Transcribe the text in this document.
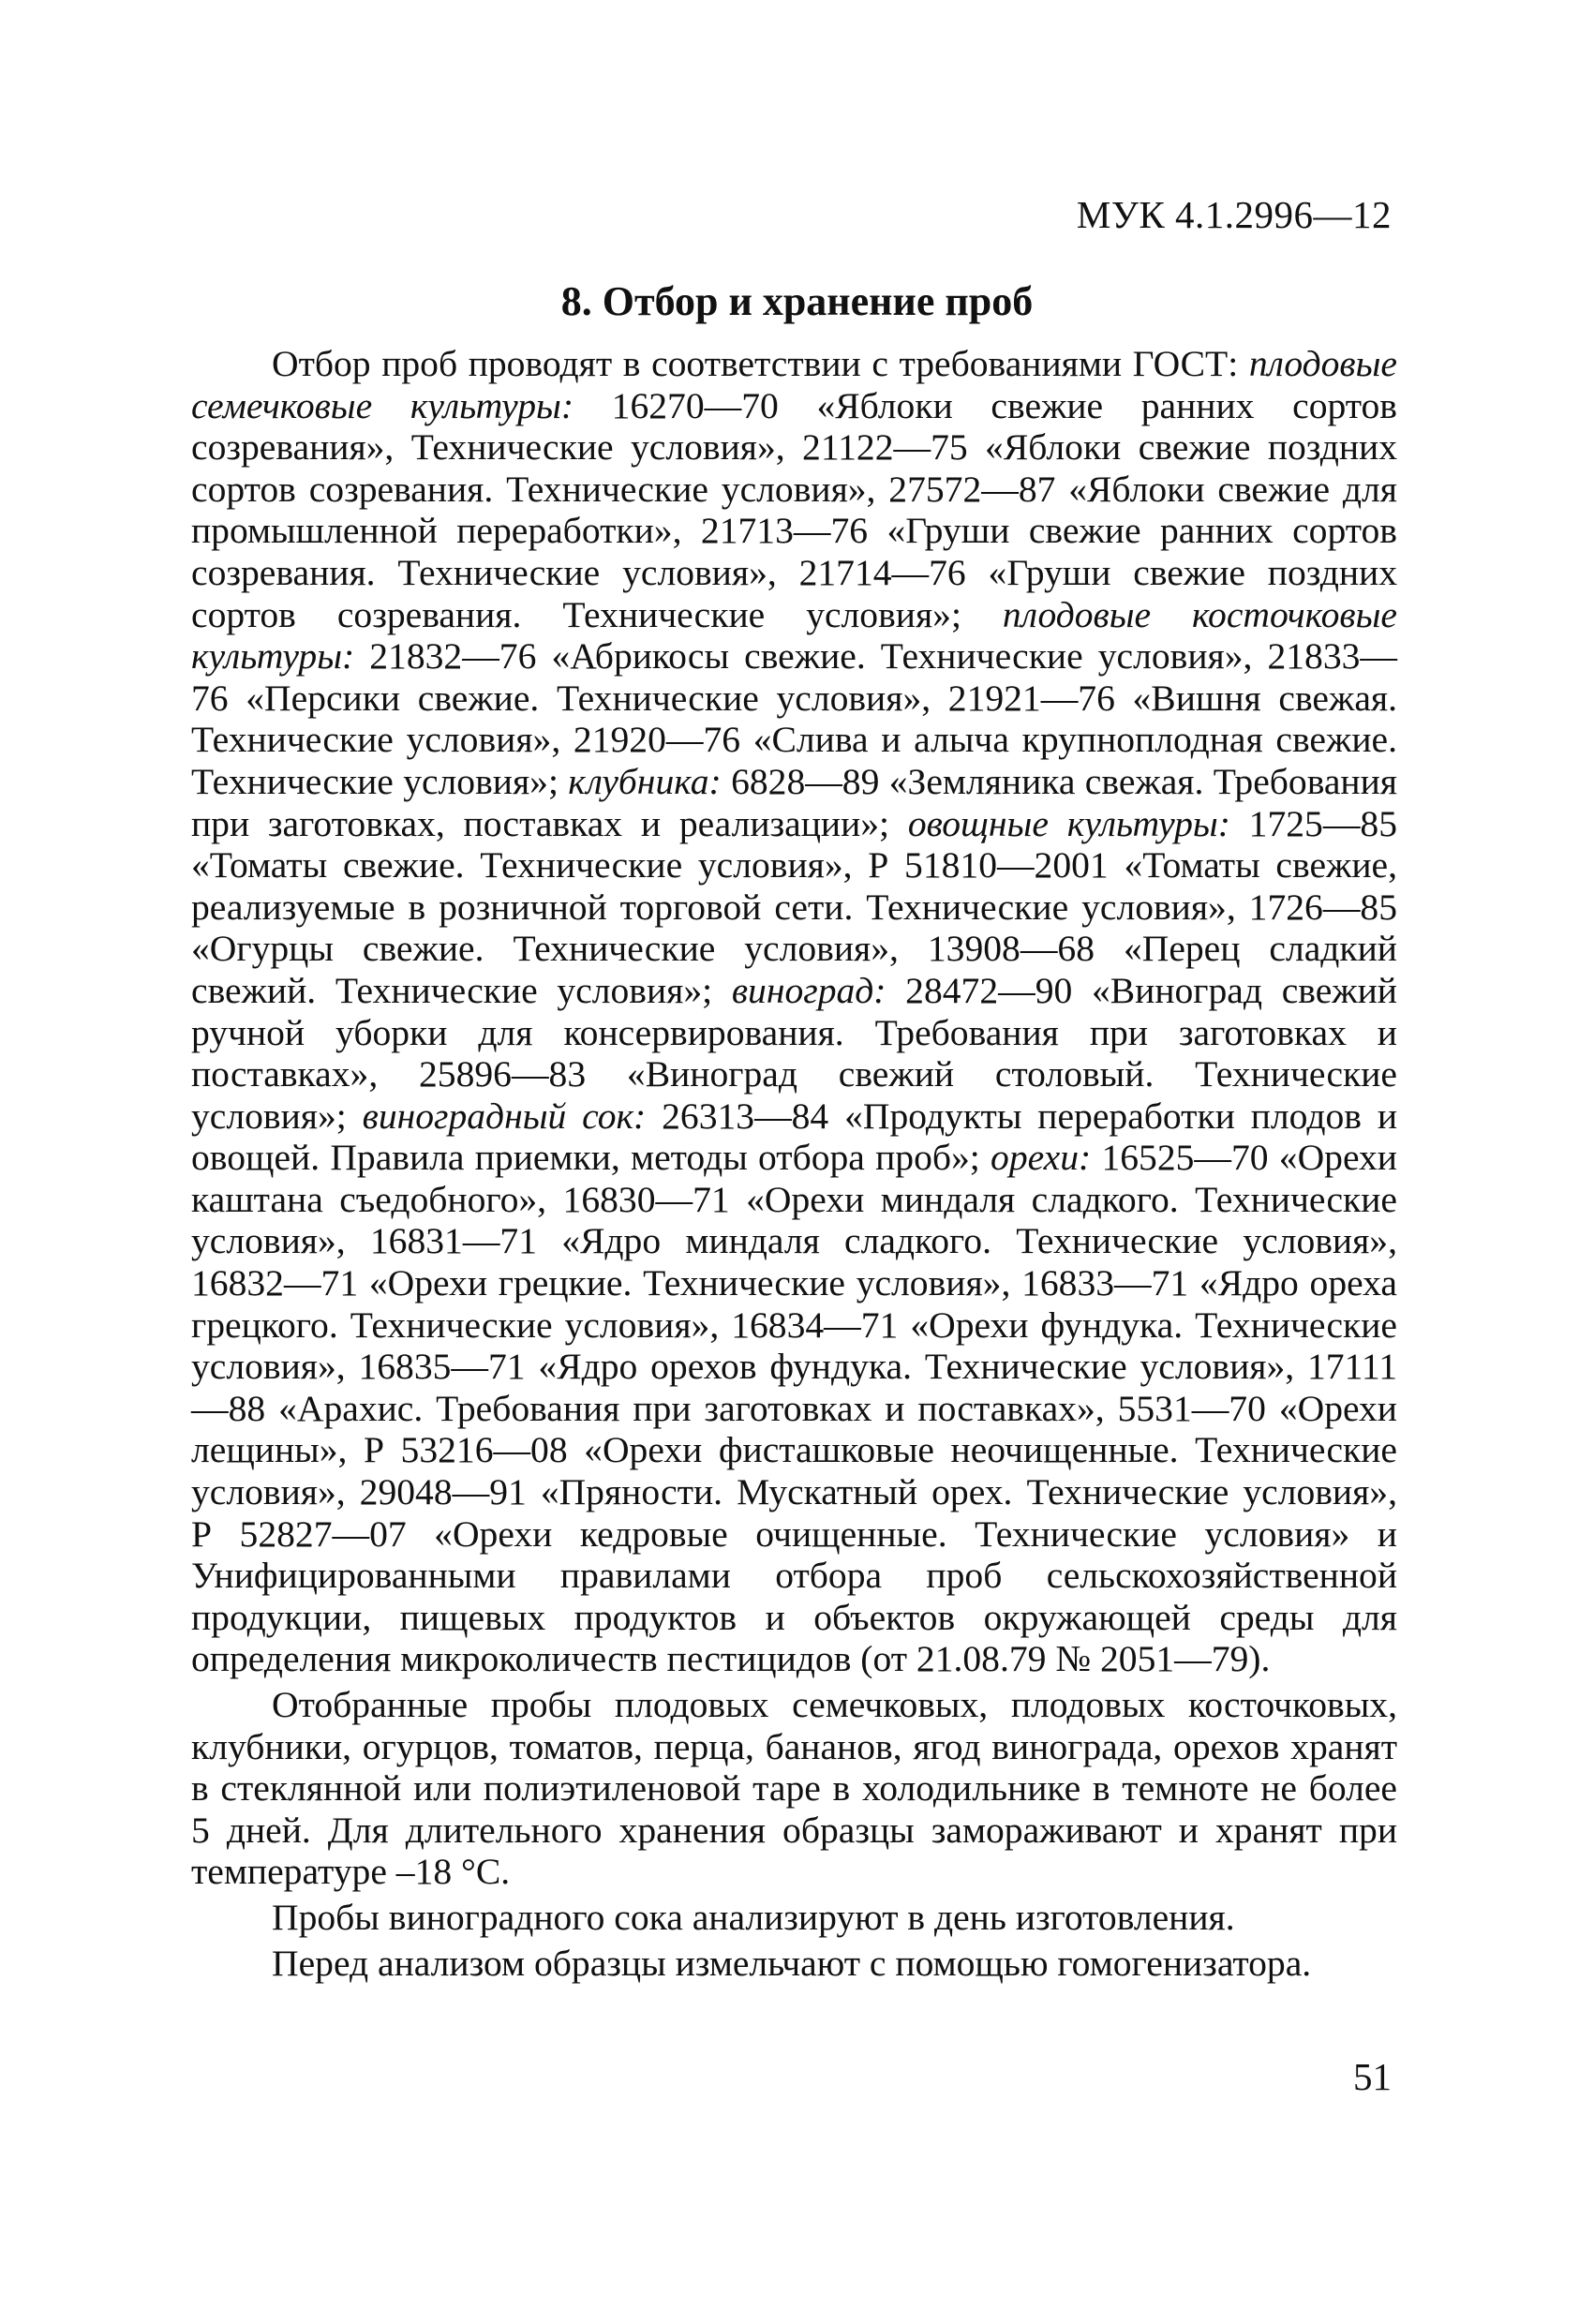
МУК 4.1.2996—12
8. Отбор и хранение проб

Отбор проб проводят в соответствии с требованиями ГОСТ: плодовые семечковые культуры: 16270—70 «Яблоки свежие ранних сортов созревания», Технические условия», 21122—75 «Яблоки свежие поздних сортов созревания. Технические условия», 27572—87 «Яблоки свежие для промышленной переработки», 21713—76 «Груши свежие ранних сортов созревания. Технические условия», 21714—76 «Груши свежие поздних сортов созревания. Технические условия»; плодовые косточковые культуры: 21832—76 «Абрикосы свежие. Технические условия», 21833—76 «Персики свежие. Технические условия», 21921—76 «Вишня свежая. Технические условия», 21920—76 «Слива и алыча крупноплодная свежие. Технические условия»; клубника: 6828—89 «Земляника свежая. Требования при заготовках, поставках и реализации»; овощные культуры: 1725—85 «Томаты свежие. Технические условия», Р 51810—2001 «Томаты свежие, реализуемые в розничной торговой сети. Технические условия», 1726—85 «Огурцы свежие. Технические условия», 13908—68 «Перец сладкий свежий. Технические условия»; виноград: 28472—90 «Виноград свежий ручной уборки для консервирования. Требования при заготовках и поставках», 25896—83 «Виноград свежий столовый. Технические условия»; виноградный сок: 26313—84 «Продукты переработки плодов и овощей. Правила приемки, методы отбора проб»; орехи: 16525—70 «Орехи каштана съедобного», 16830—71 «Орехи миндаля сладкого. Технические условия», 16831—71 «Ядро миндаля сладкого. Технические условия», 16832—71 «Орехи грецкие. Технические условия», 16833—71 «Ядро ореха грецкого. Технические условия», 16834—71 «Орехи фундука. Технические условия», 16835—71 «Ядро орехов фундука. Технические условия», 17111—88 «Арахис. Требования при заготовках и поставках», 5531—70 «Орехи лещины», Р 53216—08 «Орехи фисташковые неочищенные. Технические условия», 29048—91 «Пряности. Мускатный орех. Технические условия», Р 52827—07 «Орехи кедровые очищенные. Технические условия» и Унифицированными правилами отбора проб сельскохозяйственной продукции, пищевых продуктов и объектов окружающей среды для определения микроколичеств пестицидов (от 21.08.79 № 2051—79).

Отобранные пробы плодовых семечковых, плодовых косточковых, клубники, огурцов, томатов, перца, бананов, ягод винограда, орехов хранят в стеклянной или полиэтиленовой таре в холодильнике в темноте не более 5 дней. Для длительного хранения образцы замораживают и хранят при температуре –18 °С.

Пробы виноградного сока анализируют в день изготовления.

Перед анализом образцы измельчают с помощью гомогенизатора.

51
